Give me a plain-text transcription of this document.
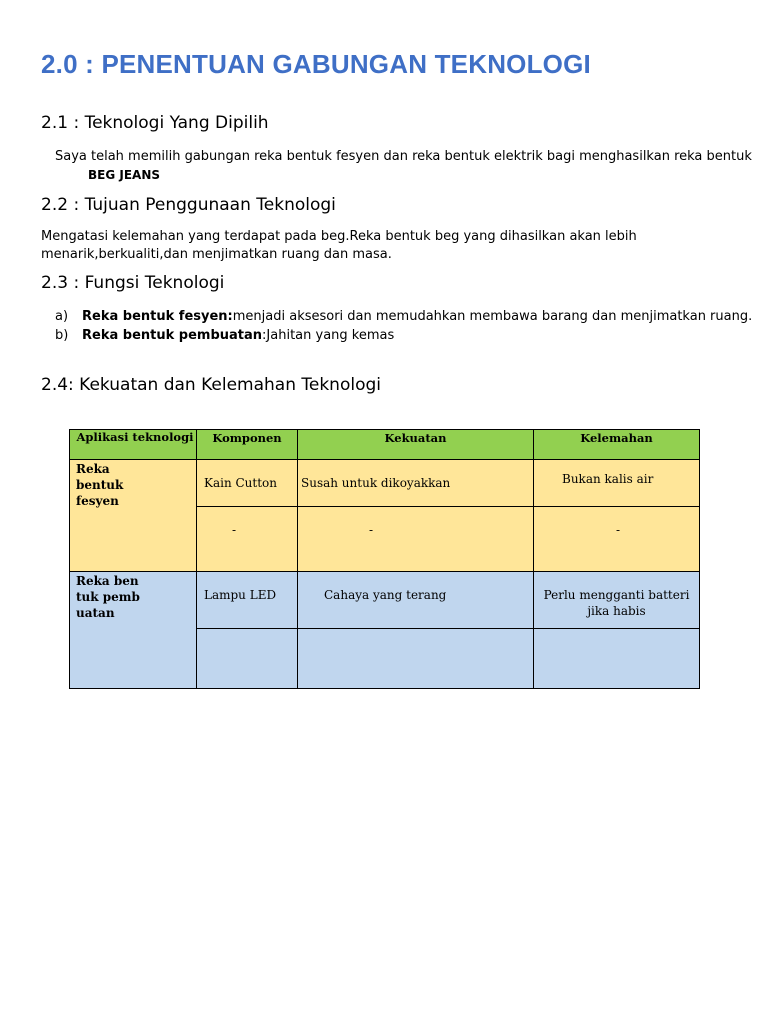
2.0 : PENENTUAN GABUNGAN TEKNOLOGI
2.1 : Teknologi Yang Dipilih
Saya telah memilih gabungan reka bentuk fesyen dan reka bentuk elektrik bagi menghasilkan reka bentuk
BEG JEANS
2.2 : Tujuan Penggunaan Teknologi
Mengatasi kelemahan yang terdapat pada beg.Reka bentuk beg yang dihasilkan akan lebih
menarik,berkualiti,dan menjimatkan ruang dan masa.
2.3 : Fungsi Teknologi
a) Reka bentuk fesyen:menjadi aksesori dan memudahkan membawa barang dan menjimatkan ruang.
b) Reka bentuk pembuatan:Jahitan yang kemas
2.4: Kekuatan dan Kelemahan Teknologi
Aplikasi teknologi	Komponen	Kekuatan	Kelemahan

Reka bentuk fesyen	Kain Cutton	Susah untuk dikoyakkan	Bukan kalis air

	-	-	-

Reka bentuk pembuatan	Lampu LED	Cahaya yang terang	Perlu mengganti batteri jika habis
